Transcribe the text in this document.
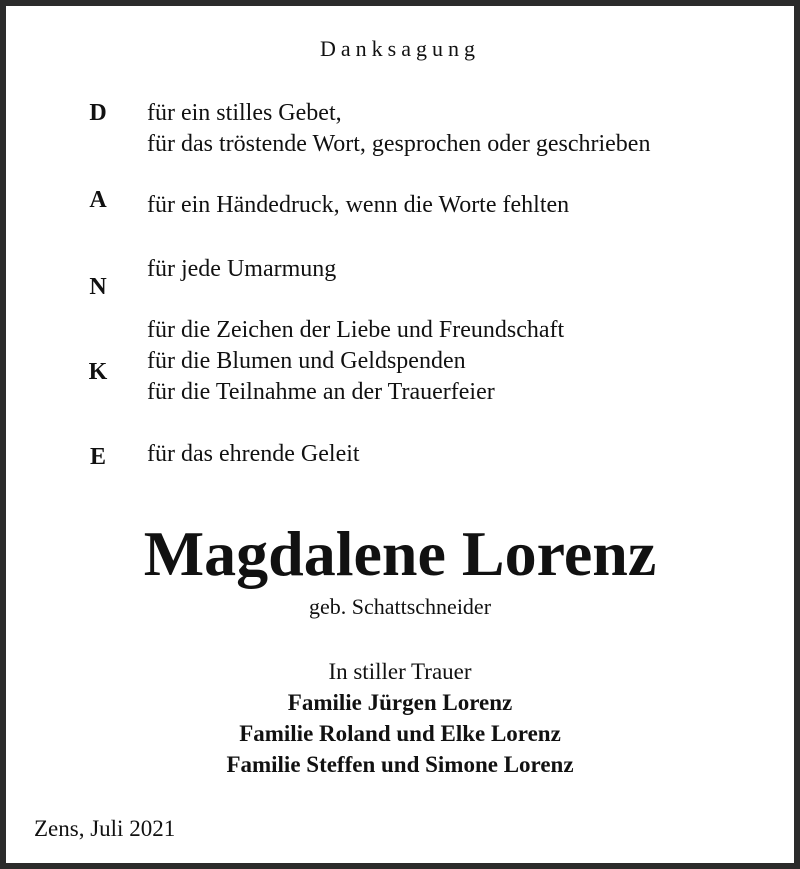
Danksagung
D für ein stilles Gebet,
für das tröstende Wort, gesprochen oder geschrieben
A für ein Händedruck, wenn die Worte fehlten
N
für jede Umarmung
K
für die Zeichen der Liebe und Freundschaft
für die Blumen und Geldspenden
für die Teilnahme an der Trauerfeier
E für das ehrende Geleit
Magdalene Lorenz
geb. Schattschneider
In stiller Trauer
Familie Jürgen Lorenz
Familie Roland und Elke Lorenz
Familie Steffen und Simone Lorenz
Zens, Juli 2021
